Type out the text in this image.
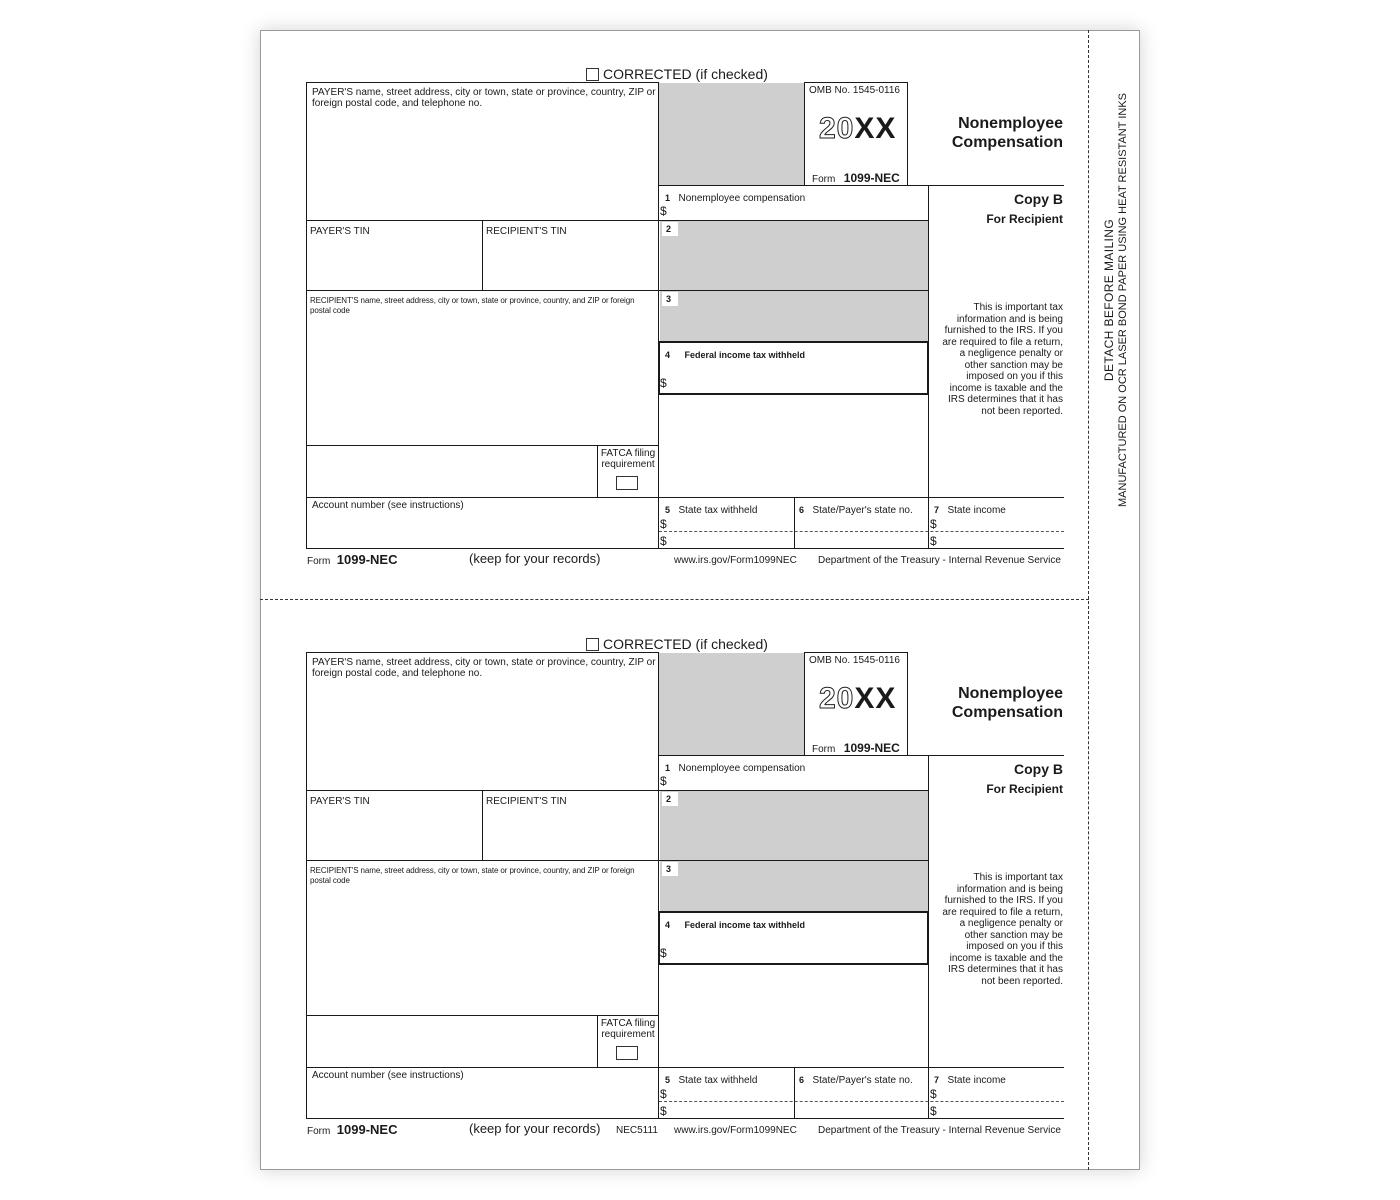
DETACH BEFORE MAILING MANUFACTURED ON OCR LASER BOND PAPER USING HEAT RESISTANT INKS
CORRECTED (if checked)
PAYER'S name, street address, city or town, state or province, country, ZIP or foreign postal code, and telephone no.
OMB No. 1545-0116
20XX
Form 1099-NEC
Nonemployee
Compensation
1 Nonemployee compensation
$
Copy B
For Recipient
PAYER'S TIN	RECIPIENT'S TIN	2
RECIPIENT'S name, street address, city or town, state or province, country, and ZIP or foreign postal code
3
4 Federal income tax withheld
$
This is important tax information and is being furnished to the IRS. If you are required to file a return, a negligence penalty or other sanction may be imposed on you if this income is taxable and the IRS determines that it has not been reported.
FATCA filing requirement
Account number (see instructions)	5 State tax withheld	6 State/Payer's state no. 7 State income
$
$
$
$
Form 1099-NEC	(keep for your records)	www.irs.gov/Form1099NEC Department of the Treasury - Internal Revenue Service
CORRECTED (if checked)
PAYER'S name, street address, city or town, state or province, country, ZIP or foreign postal code, and telephone no.
OMB No. 1545-0116
20XX
Form 1099-NEC
Nonemployee
Compensation
1 Nonemployee compensation
$
Copy B
For Recipient
PAYER'S TIN	RECIPIENT'S TIN	2
RECIPIENT'S name, street address, city or town, state or province, country, and ZIP or foreign postal code
3
4 Federal income tax withheld
$
This is important tax information and is being furnished to the IRS. If you are required to file a return, a negligence penalty or other sanction may be imposed on you if this income is taxable and the IRS determines that it has not been reported.
FATCA filing requirement
Account number (see instructions)	5 State tax withheld	6 State/Payer's state no. 7 State income
$
$
$
$
Form 1099-NEC	(keep for your records) NEC5111 www.irs.gov/Form1099NEC Department of the Treasury - Internal Revenue Service
